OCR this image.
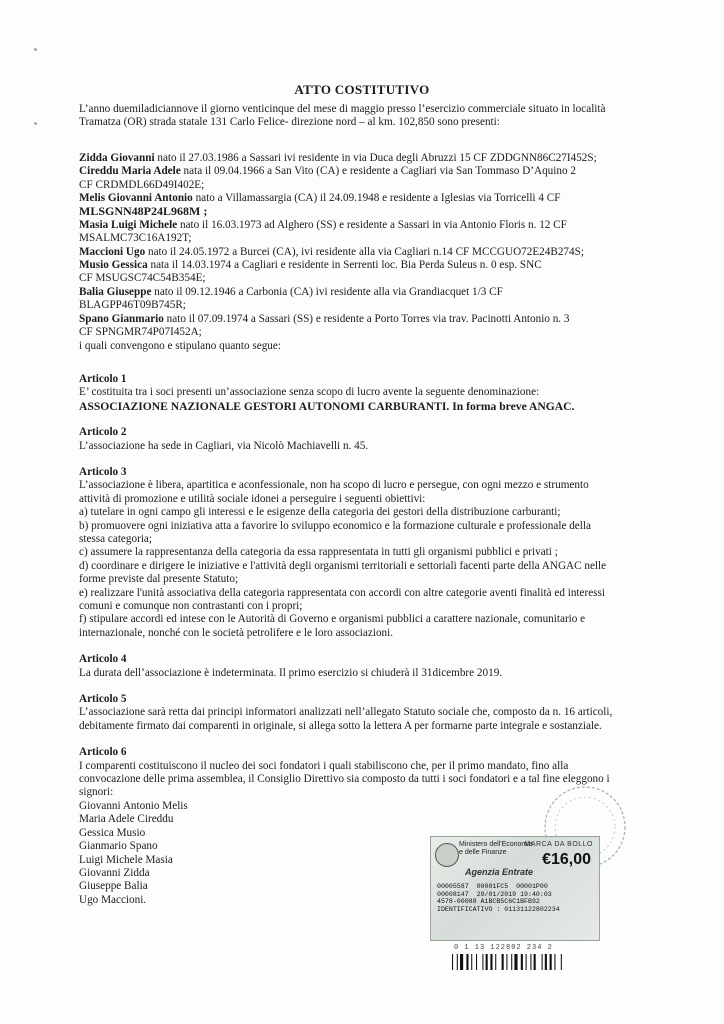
ATTO COSTITUTIVO

L’anno duemiladiciannove il giorno venticinque del mese di maggio presso l’esercizio commerciale situato in località

Tramatza (OR) strada statale 131 Carlo Felice- direzione nord – al km. 102,850 sono presenti:

Zidda Giovanni nato il 27.03.1986 a Sassari ivi residente in via Duca degli Abruzzi 15 CF ZDDGNN86C27I452S;

Cireddu Maria Adele nata il 09.04.1966 a San Vito (CA) e residente a Cagliari via San Tommaso D’Aquino 2

CF CRDMDL66D49I402E;

Melis Giovanni Antonio nato a Villamassargia (CA) il 24.09.1948 e residente a Iglesias via Torricelli 4 CF

MLSGNN48P24L968M ;

Masia Luigi Michele nato il 16.03.1973 ad Alghero (SS) e residente a Sassari in via Antonio Floris n. 12 CF

MSALMC73C16A192T;

Maccioni Ugo nato il 24.05.1972 a Burcei (CA), ivi residente alla via Cagliari n.14 CF MCCGUO72E24B274S;

Musio Gessica nata il 14.03.1974 a Cagliari e residente in Serrenti loc. Bia Perda Suleus n. 0 esp. SNC

CF MSUGSC74C54B354E;

Balia Giuseppe nato il 09.12.1946 a Carbonia (CA) ivi residente alla via Grandiacquet 1/3 CF

BLAGPP46T09B745R;

Spano Gianmario nato il 07.09.1974 a Sassari (SS) e residente a Porto Torres via trav. Pacinotti Antonio n. 3

CF SPNGMR74P07I452A;

i quali convengono e stipulano quanto segue:

Articolo 1

E’ costituita tra i soci presenti un’associazione senza scopo di lucro avente la seguente denominazione:

ASSOCIAZIONE NAZIONALE GESTORI AUTONOMI CARBURANTI. In forma breve ANGAC.

Articolo 2

L’associazione ha sede in Cagliari, via Nicolò Machiavelli n. 45.

Articolo 3

L’associazione è libera, apartitica e aconfessionale, non ha scopo di lucro e persegue, con ogni mezzo e strumento

attività di promozione e utilità sociale idonei a perseguire i seguenti obiettivi:

a) tutelare in ogni campo gli interessi e le esigenze della categoria dei gestori della distribuzione carburanti;

b) promuovere ogni iniziativa atta a favorire lo sviluppo economico e la formazione culturale e professionale della

stessa categoria;

c) assumere la rappresentanza della categoria da essa rappresentata in tutti gli organismi pubblici e privati ;

d) coordinare e dirigere le iniziative e l'attività degli organismi territoriali e settoriali facenti parte della ANGAC nelle

forme previste dal presente Statuto;

e) realizzare l'unità associativa della categoria rappresentata con accordi con altre categorie aventi finalità ed interessi

comuni e comunque non contrastanti con i propri;

f) stipulare accordi ed intese con le Autorità di Governo e organismi pubblici a carattere nazionale, comunitario e

internazionale, nonché con le società petrolifere e le loro associazioni.

Articolo 4

La durata dell’associazione è indeterminata. Il primo esercizio si chiuderà il 31dicembre 2019.

Articolo 5

L’associazione sarà retta dai principi informatori analizzati nell’allegato Statuto sociale che, composto da n. 16 articoli,

debitamente firmato dai comparenti in originale, si allega sotto la lettera A per formarne parte integrale e sostanziale.

Articolo 6

I comparenti costituiscono il nucleo dei soci fondatori i quali stabiliscono che, per il primo mandato, fino alla

convocazione delle prima assemblea, il Consiglio Direttivo sia composto da tutti i soci fondatori e a tal fine eleggono i

signori:

Giovanni Antonio Melis

Maria Adele Cireddu

Gessica Musio

Gianmario Spano

Luigi Michele Masia

Giovanni Zidda

Giuseppe Balia

Ugo Maccioni.

Ministero dell'Economia
e delle Finanze
MARCA DA BOLLO
€16,00
Agenzia Entrate
00005587  00001FC5  00001P00
00008147  29/01/2019 19:40:03
4578-00088 A1BCB5C6C1BFB92
IDENTIFICATIVO : 01131122802234

0 1 13 122802 234 2
